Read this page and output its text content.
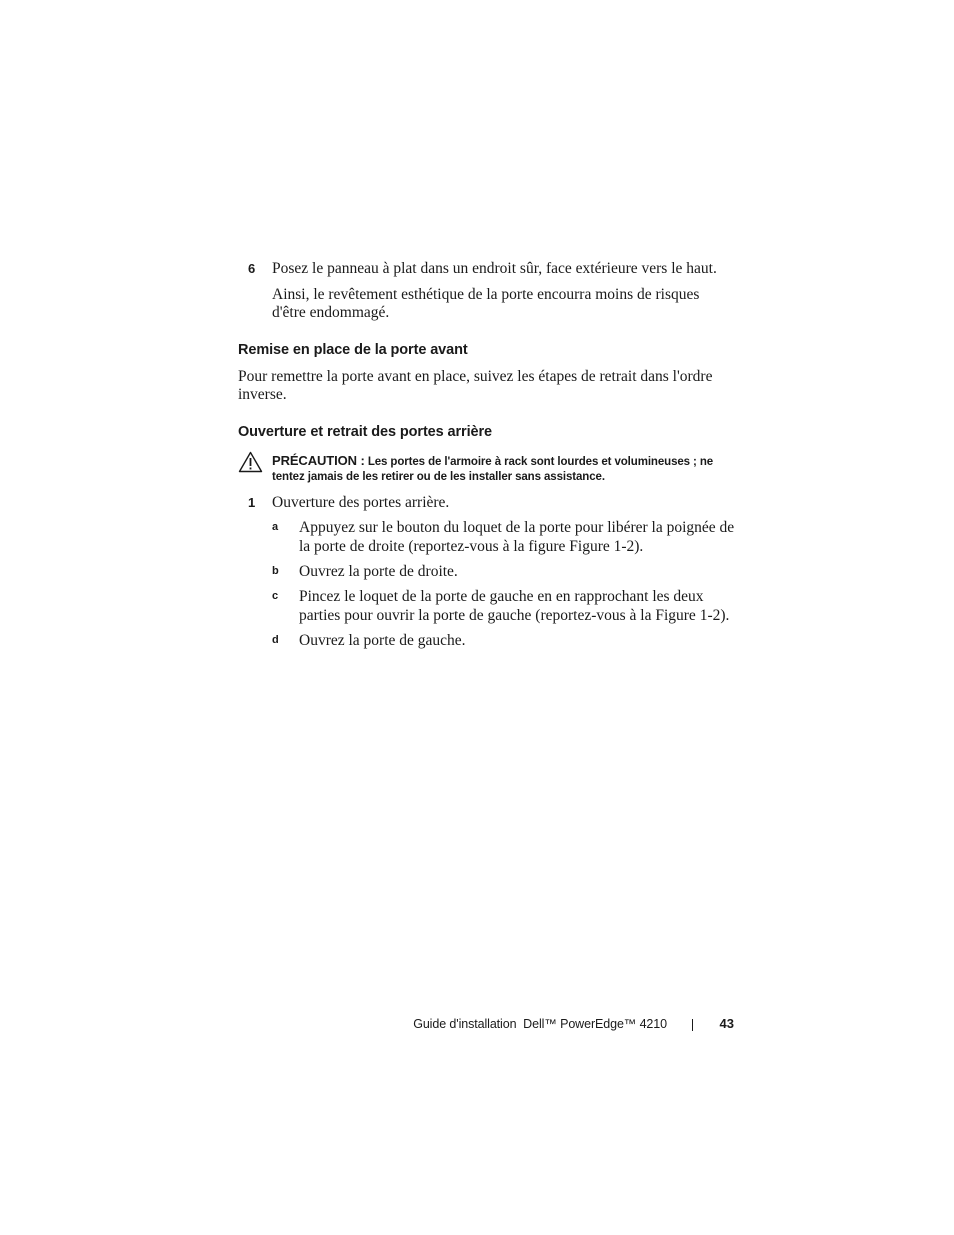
6 Posez le panneau à plat dans un endroit sûr, face extérieure vers le haut.
Ainsi, le revêtement esthétique de la porte encourra moins de risques
d'être endommagé.
Remise en place de la porte avant
Pour remettre la porte avant en place, suivez les étapes de retrait dans l'ordre
inverse.
Ouverture et retrait des portes arrière
PRÉCAUTION : Les portes de l'armoire à rack sont lourdes et volumineuses ; ne
tentez jamais de les retirer ou de les installer sans assistance.
1 Ouverture des portes arrière.
a Appuyez sur le bouton du loquet de la porte pour libérer la poignée de
la porte de droite (reportez-vous à la figure Figure 1-2).
b Ouvrez la porte de droite.
c Pincez le loquet de la porte de gauche en en rapprochant les deux
parties pour ouvrir la porte de gauche (reportez-vous à la Figure 1-2).
d Ouvrez la porte de gauche.
Guide d'installation  Dell™ PowerEdge™ 4210	43
